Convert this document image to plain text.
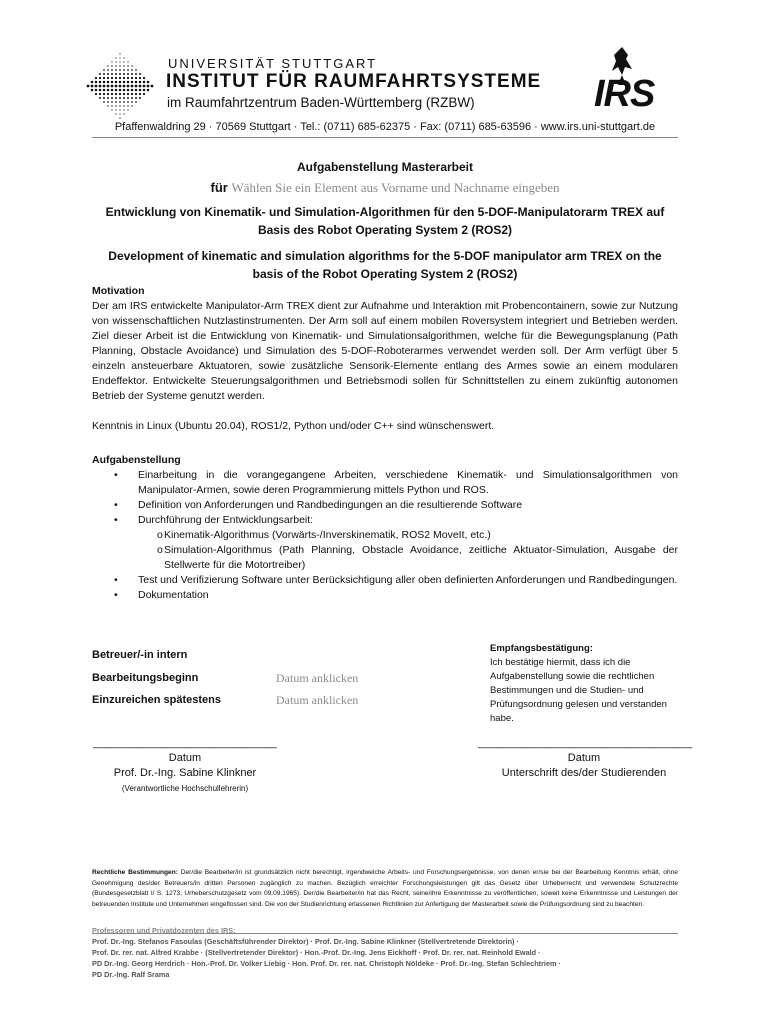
UNIVERSITÄT STUTTGART
INSTITUT FÜR RAUMFAHRTSYSTEME
im Raumfahrtzentrum Baden-Württemberg (RZBW)	IRS
Pfaffenwaldring 29 · 70569 Stuttgart · Tel.: (0711) 685-62375 · Fax: (0711) 685-63596 · www.irs.uni-stuttgart.de
Aufgabenstellung Masterarbeit
für Wählen Sie ein Element aus Vorname und Nachname eingeben
Entwicklung von Kinematik- und Simulation-Algorithmen für den 5-DOF-Manipulatorarm TREX auf Basis des Robot Operating System 2 (ROS2)
Development of kinematic and simulation algorithms for the 5-DOF manipulator arm TREX on the basis of the Robot Operating System 2 (ROS2)
Motivation
Der am IRS entwickelte Manipulator-Arm TREX dient zur Aufnahme und Interaktion mit Probencontainern, sowie zur Nutzung von wissenschaftlichen Nutzlastinstrumenten. Der Arm soll auf einem mobilen Roversystem integriert und Betrieben werden. Ziel dieser Arbeit ist die Entwicklung von Kinematik- und Simulationsalgorithmen, welche für die Bewegungsplanung (Path Planning, Obstacle Avoidance) und Simulation des 5-DOF-Roboterarmes verwendet werden soll. Der Arm verfügt über 5 einzeln ansteuerbare Aktuatoren, sowie zusätzliche Sensorik-Elemente entlang des Armes sowie an einem modularen Endeffektor. Entwickelte Steuerungsalgorithmen und Betriebsmodi sollen für Schnittstellen zu einem zukünftig autonomen Betrieb der Systeme genutzt werden.
Kenntnis in Linux (Ubuntu 20.04), ROS1/2, Python und/oder C++ sind wünschenswert.
Aufgabenstellung
• Einarbeitung in die vorangegangene Arbeiten, verschiedene Kinematik- und Simulationsalgorithmen von Manipulator-Armen, sowie deren Programmierung mittels Python und ROS.
• Definition von Anforderungen und Randbedingungen an die resultierende Software
• Durchführung der Entwicklungsarbeit:
o Kinematik-Algorithmus (Vorwärts-/Inverskinematik, ROS2 MoveIt, etc.)
o Simulation-Algorithmus (Path Planning, Obstacle Avoidance, zeitliche Aktuator-Simulation, Ausgabe der Stellwerte für die Motortreiber)
• Test und Verifizierung Software unter Berücksichtigung aller oben definierten Anforderungen und Randbedingungen.
• Dokumentation
Betreuer/-in intern
Bearbeitungsbeginn	Datum anklicken
Einzureichen spätestens	Datum anklicken
Empfangsbestätigung:
Ich bestätige hiermit, dass ich die Aufgabenstellung sowie die rechtlichen Bestimmungen und die Studien- und Prüfungsordnung gelesen und verstanden habe.
______________________________
Datum
Prof. Dr.-Ing. Sabine Klinkner
(Verantwortliche Hochschullehrerin)
___________________________________
Datum
Unterschrift des/der Studierenden
Rechtliche Bestimmungen: Der/die Bearbeiter/in ist grundsätzlich nicht berechtigt, irgendwelche Arbeits- und Forschungsergebnisse, von denen er/sie bei der Bearbeitung Kenntnis erhält, ohne Genehmigung des/der Betreuers/in dritten Personen zugänglich zu machen. Bezüglich erreichter Forschungsleistungen gilt das Gesetz über Urheberrecht und verwendete Schutzrechte (Bundesgesetzblatt I/ S. 1273, Urheberschutzgesetz vom 09.09.1965). Der/die Bearbeiter/in hat das Recht, seine/ihre Erkenntnisse zu veröffentlichen, soweit keine Erkenntnisse und Leistungen der betreuenden Institute und Unternehmen eingeflossen sind. Die von der Studienrichtung erlassenen Richtlinien zur Anfertigung der Masterarbeit sowie die Prüfungsordnung sind zu beachten.
Professoren und Privatdozenten des IRS:
Prof. Dr.-Ing. Stefanos Fasoulas (Geschäftsführender Direktor) · Prof. Dr.-Ing. Sabine Klinkner (Stellvertretende Direktorin) ·
Prof. Dr. rer. nat. Alfred Krabbe · (Stellvertretender Direktor) · Hon.-Prof. Dr.-Ing. Jens Eickhoff · Prof. Dr. rer. nat. Reinhold Ewald ·
PD Dr.-Ing. Georg Herdrich · Hon.-Prof. Dr. Volker Liebig · Hon. Prof. Dr. rer. nat. Christoph Nöldeke · Prof. Dr.-Ing. Stefan Schlechtriem ·
PD Dr.-Ing. Ralf Srama
